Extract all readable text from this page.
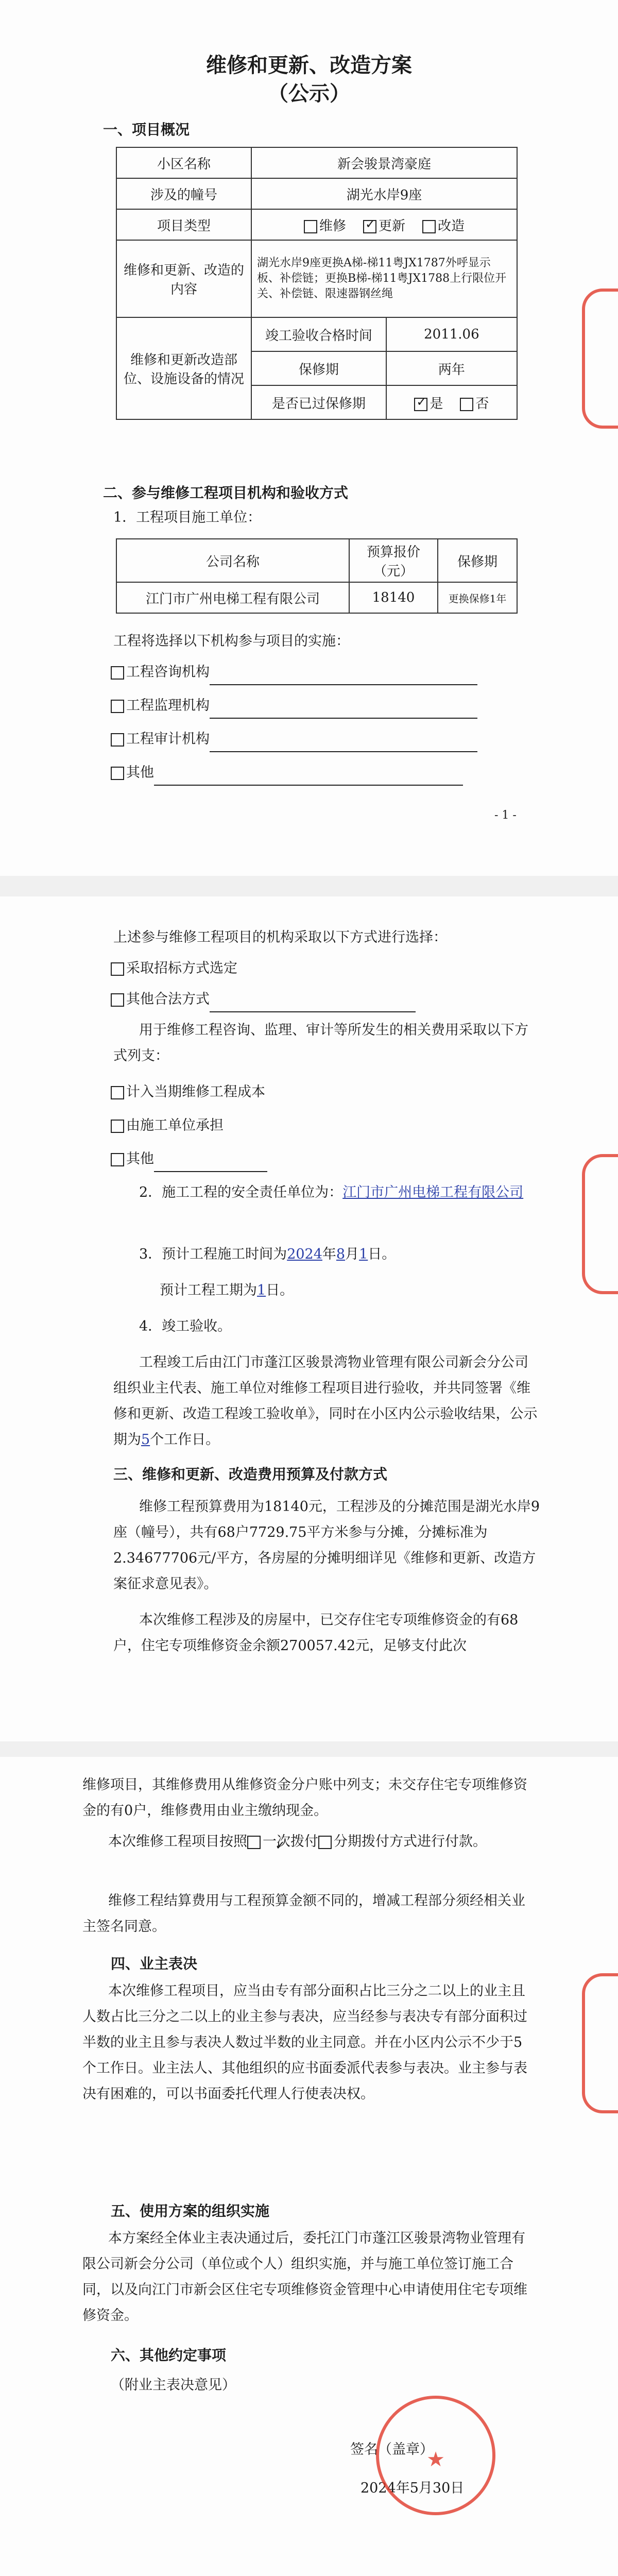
维修和更新、改造方案
（公示）
一、项目概况
小区名称	新会骏景湾豪庭	
涉及的幢号	湖光水岸9座	
项目类型	维修 ✓ 更新 改造
维修和更新、改造的内容	湖光水岸9座更换A梯-梯11粤JX1787外呼显示板、补偿链；更换B梯-梯11粤JX1788上行限位开关、补偿链、限速器钢丝绳	
维修和更新改造部位、设施设备的情况	竣工验收合格时间	2011.06
	保修期	两年
	是否已过保修期	✓是 否
二、参与维修工程项目机构和验收方式
1．工程项目施工单位：
公司名称	预算报价（元）	保修期
江门市广州电梯工程有限公司	18140	更换保修1年
工程将选择以下机构参与项目的实施：
工程咨询机构
工程监理机构
工程审计机构
其他
- 1 -
上述参与维修工程项目的机构采取以下方式进行选择：
采取招标方式选定
其他合法方式
用于维修工程咨询、监理、审计等所发生的相关费用采取以下方式列支：
计入当期维修工程成本
由施工单位承担
其他
2．施工工程的安全责任单位为：江门市广州电梯工程有限公司
3．预计工程施工时间为2024年8月1日。
预计工程工期为1日。
4．竣工验收。
工程竣工后由江门市蓬江区骏景湾物业管理有限公司新会分公司组织业主代表、施工单位对维修工程项目进行验收，并共同签署《维修和更新、改造工程竣工验收单》，同时在小区内公示验收结果，公示期为5个工作日。
三、维修和更新、改造费用预算及付款方式
维修工程预算费用为18140元，工程涉及的分摊范围是湖光水岸9座（幢号），共有68户7729.75平方米参与分摊，分摊标准为2.34677706元/平方，各房屋的分摊明细详见《维修和更新、改造方案征求意见表》。
本次维修工程涉及的房屋中，已交存住宅专项维修资金的有68户，住宅专项维修资金余额270057.42元，足够支付此次
维修项目，其维修费用从维修资金分户账中列支；未交存住宅专项维修资金的有0户，维修费用由业主缴纳现金。
本次维修工程项目按照 ✓ 一次拨付 分期拨付方式进行付款。
维修工程结算费用与工程预算金额不同的，增减工程部分须经相关业主签名同意。
四、业主表决
本次维修工程项目，应当由专有部分面积占比三分之二以上的业主且人数占比三分之二以上的业主参与表决，应当经参与表决专有部分面积过半数的业主且参与表决人数过半数的业主同意。并在小区内公示不少于5个工作日。业主法人、其他组织的应书面委派代表参与表决。业主参与表决有困难的，可以书面委托代理人行使表决权。
五、使用方案的组织实施
本方案经全体业主表决通过后，委托江门市蓬江区骏景湾物业管理有限公司新会分公司（单位或个人）组织实施，并与施工单位签订施工合同，以及向江门市新会区住宅专项维修资金管理中心申请使用住宅专项维修资金。
六、其他约定事项
（附业主表决意见）
签名（盖章）
2024年5月30日
★
